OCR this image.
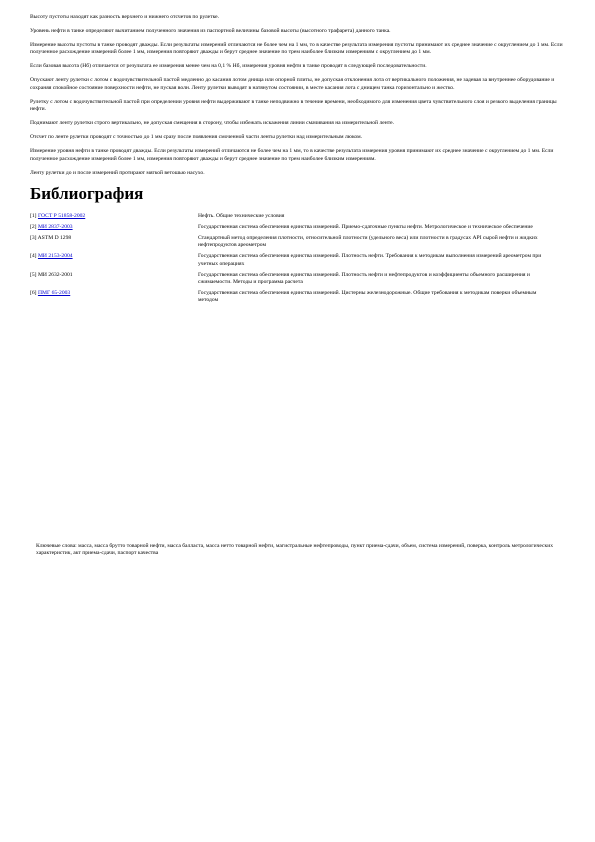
Высоту пустоты находят как разность верхнего и нижнего отсчетов по рулетке.

Уровень нефти в танке определяют вычитанием полученного значения из паспортной величины базовой высоты (высотного трафарета) данного танка.

Измерение высоты пустоты в танке проводят дважды. Если результаты измерений отличаются не более чем на 1 мм, то в качестве результата измерения пустоты принимают их среднее значение с округлением до 1 мм. Если полученное расхождение измерений более 1 мм, измерения повторяют дважды и берут среднее значение по трем наиболее близким измерениям с округлением до 1 мм.

Если базовая высота (Нб) отличается от результата ее измерения менее чем на 0,1 % Нб, измерения уровня нефти в танке проводят в следующей последовательности.

Опускают ленту рулетки с лотом с водочувствительной пастой медленно до касания лотом днища или опорной плиты, не допуская отклонения лота от вертикального положения, не задевая за внутреннее оборудование и сохраняя спокойное состояние поверхности нефти, не пуская волн. Ленту рулетки выводят в натянутом состоянии, в месте касания лота с днищем танка горизонтально и жестко.

Рулетку с лотом с водочувствительной пастой при определении уровня нефти выдерживают в танке неподвижно в течение времени, необходимого для изменения цвета чувствительного слоя и резкого выделения границы нефти.

Поднимают ленту рулетки строго вертикально, не допуская смещения в сторону, чтобы избежать искажения линии смачивания на измерительной ленте.

Отсчет по ленте рулетки проводят с точностью до 1 мм сразу после появления смоченной части ленты рулетки над измерительным люком.

Измерение уровня нефти в танке проводят дважды. Если результаты измерений отличаются не более чем на 1 мм, то в качестве результата измерения уровня принимают их среднее значение с округлением до 1 мм. Если полученное расхождение измерений более 1 мм, измерения повторяют дважды и берут среднее значение по трем наиболее близким измерениям.

Ленту рулетки до и после измерений протирают мягкой ветошью насухо.

Библиография
[1] ГОСТ Р 51858-2002	Нефть. Общие технические условия
[2] МИ 2837-2003	Государственная система обеспечения единства измерений. Приемо-сдаточные пункты нефти. Метрологическое и техническое обеспечение
[3] ASTM D 1298	Стандартный метод определения плотности, относительной плотности (удельного веса) или плотности в градусах API сырой нефти и жидких нефтепродуктов ареометром
[4] МИ 2153-2004	Государственная система обеспечения единства измерений. Плотность нефти. Требования к методикам выполнения измерений ареометром при учетных операциях
[5] МИ 2632-2001	Государственная система обеспечения единства измерений. Плотность нефти и нефтепродуктов и коэффициенты объемного расширения и сжимаемости. Методы и программа расчета
[6] ПМГ 65-2003	Государственная система обеспечения единства измерений. Цистерны железнодорожные. Общие требования к методикам поверки объемным методом
Ключевые слова: масса, масса брутто товарной нефти, масса балласта, масса нетто товарной нефти, магистральные нефтепроводы, пункт приема-сдачи, объем, система измерений, поверка, контроль метрологических характеристик, акт приема-сдачи, паспорт качества
